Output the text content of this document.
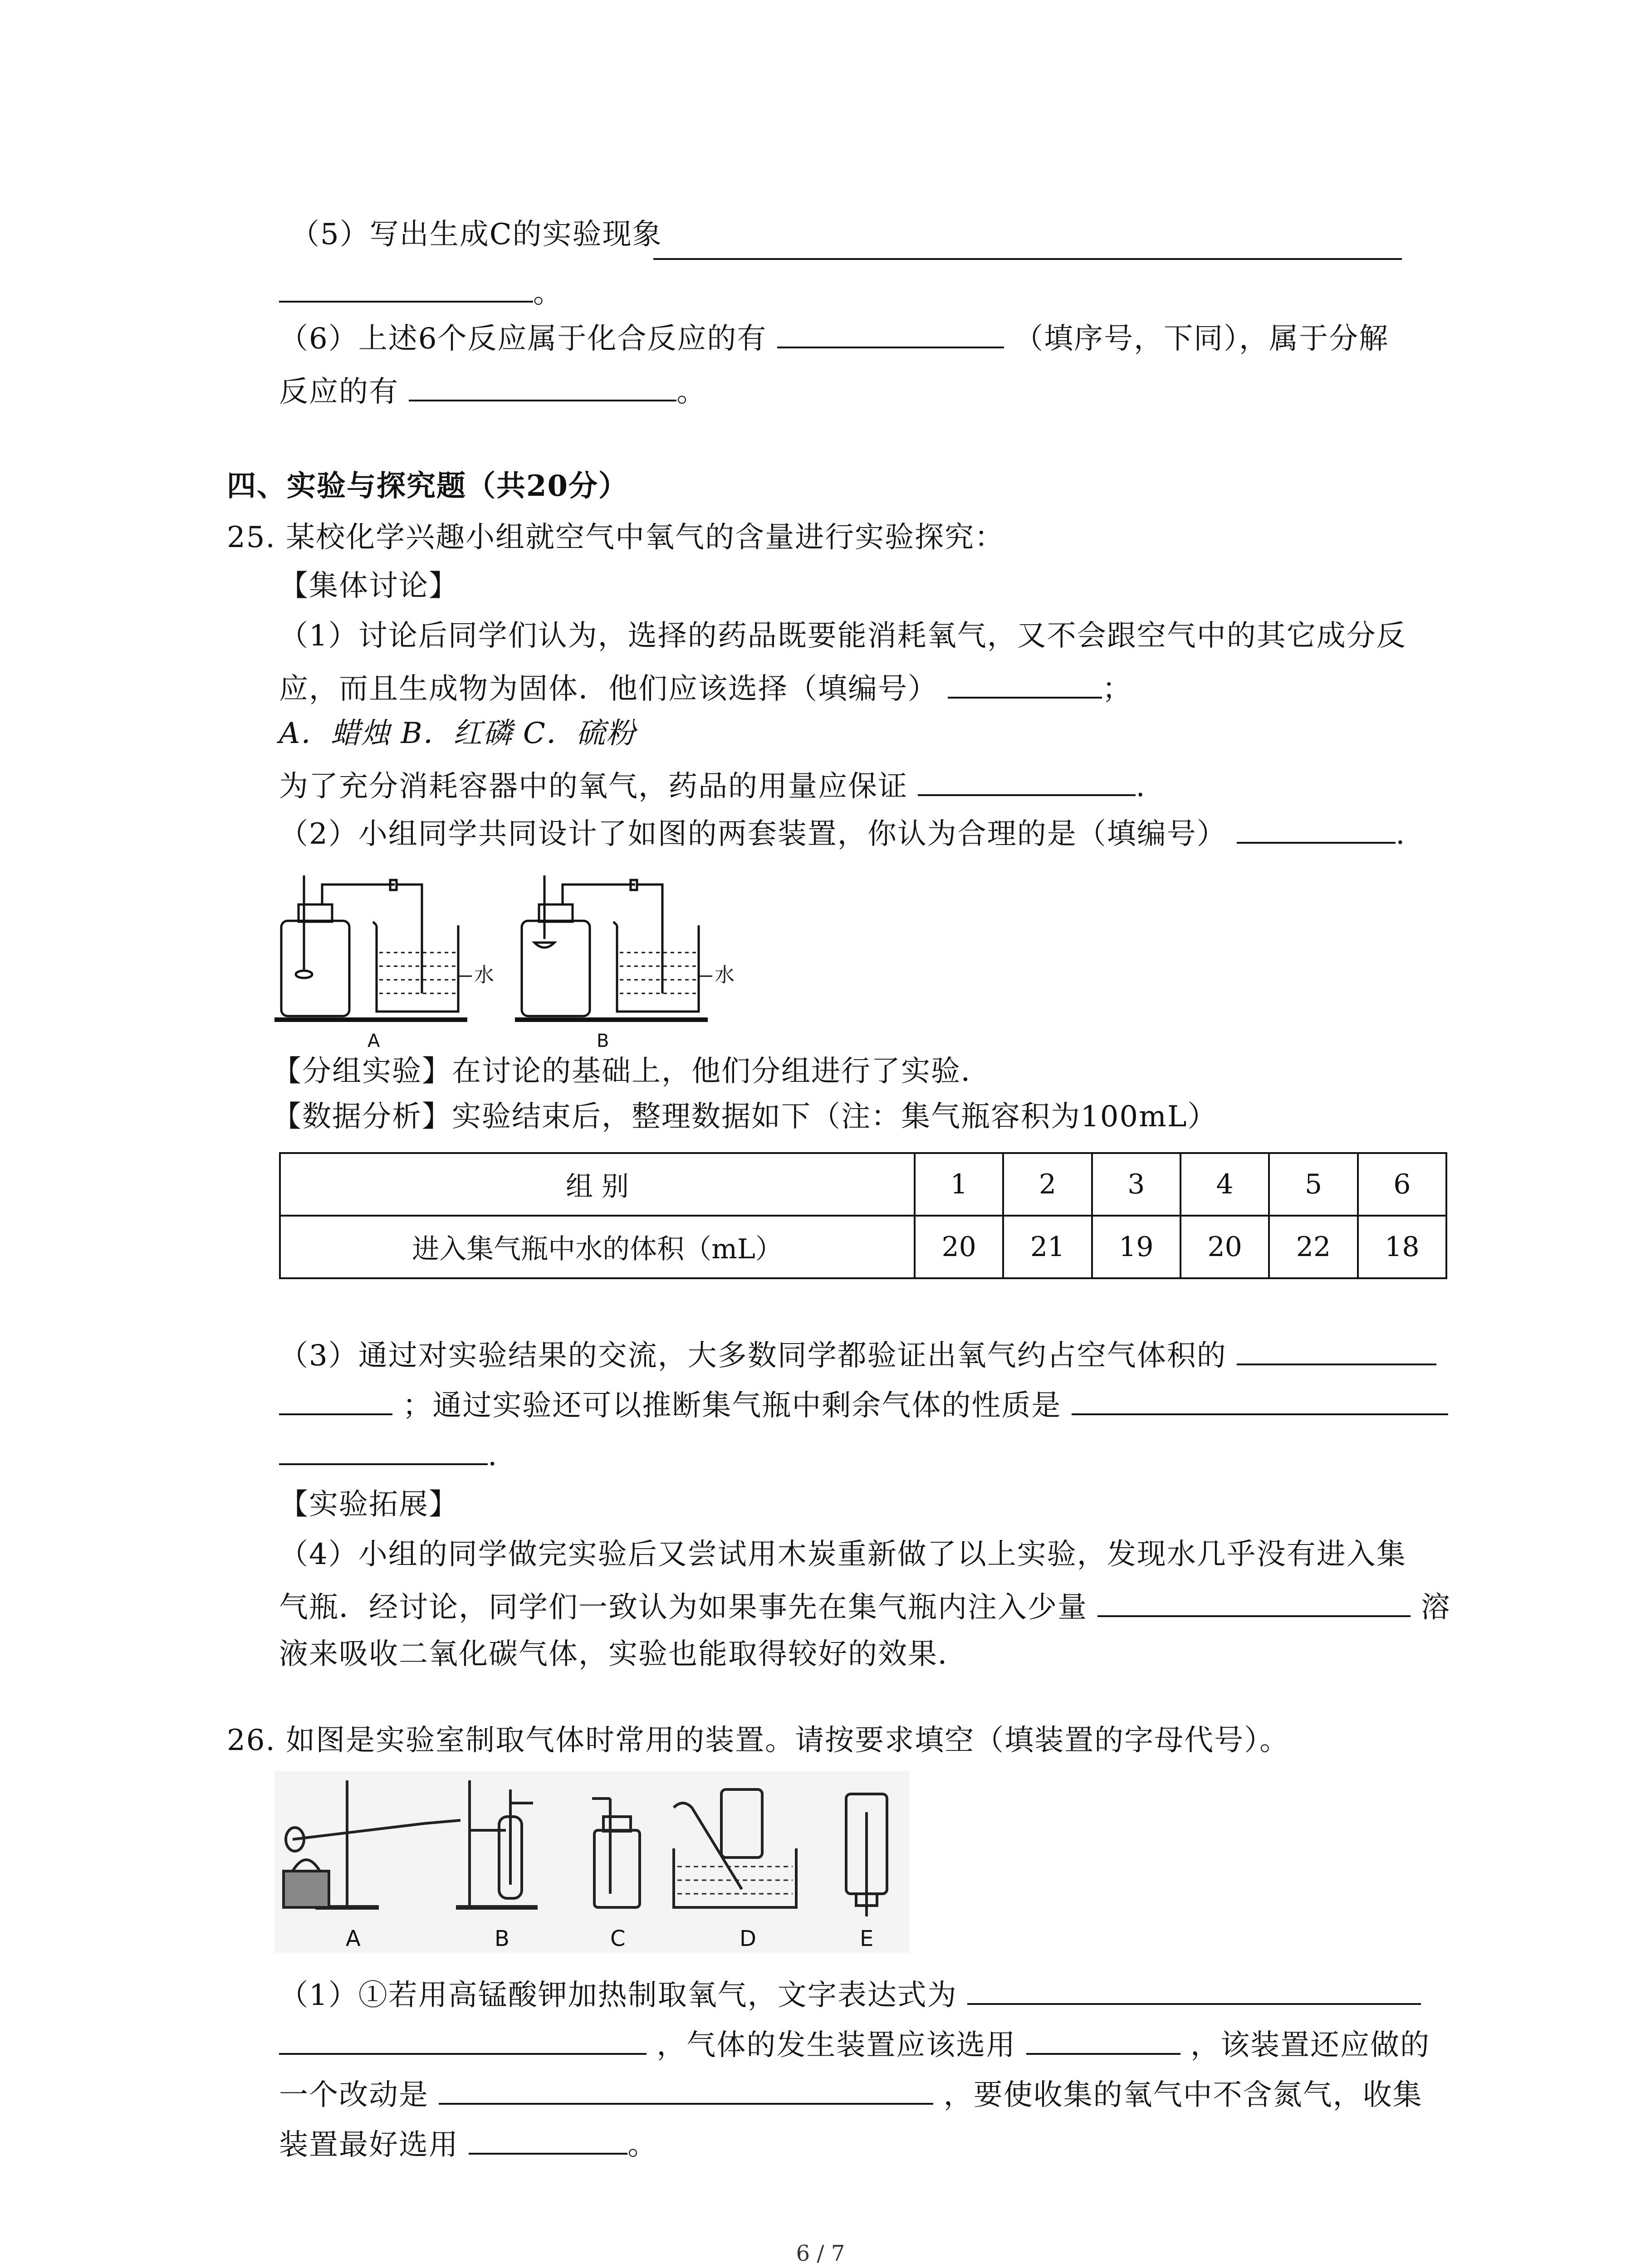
（5）写出生成C的实验现象
。
（6）上述6个反应属于化合反应的有	（填序号，下同），属于分解
反应的有	。
四、实验与探究题（共20分）
25. 某校化学兴趣小组就空气中氧气的含量进行实验探究：
【集体讨论】
（1）讨论后同学们认为，选择的药品既要能消耗氧气，又不会跟空气中的其它成分反
应，而且生成物为固体．他们应该选择（填编号）	；
A．蜡烛 B．红磷 C．硫粉
为了充分消耗容器中的氧气，药品的用量应保证	.
（2）小组同学共同设计了如图的两套装置，你认为合理的是（填编号）	.
水	水
A	B
【分组实验】在讨论的基础上，他们分组进行了实验．
【数据分析】实验结束后，整理数据如下（注：集气瓶容积为100mL）
组 别	1	2	3	4	5	6
进入集气瓶中水的体积（mL）	20	21	19	20	22	18
（3）通过对实验结果的交流，大多数同学都验证出氧气约占空气体积的
；通过实验还可以推断集气瓶中剩余气体的性质是
.
【实验拓展】
（4）小组的同学做完实验后又尝试用木炭重新做了以上实验，发现水几乎没有进入集
气瓶．经讨论，同学们一致认为如果事先在集气瓶内注入少量	溶
液来吸收二氧化碳气体，实验也能取得较好的效果．
26. 如图是实验室制取气体时常用的装置。请按要求填空（填装置的字母代号）。
A	B	C	D	E
（1）①若用高锰酸钾加热制取氧气，文字表达式为
，气体的发生装置应该选用	，该装置还应做的
一个改动是	，要使收集的氧气中不含氮气，收集
装置最好选用	。
6 / 7
